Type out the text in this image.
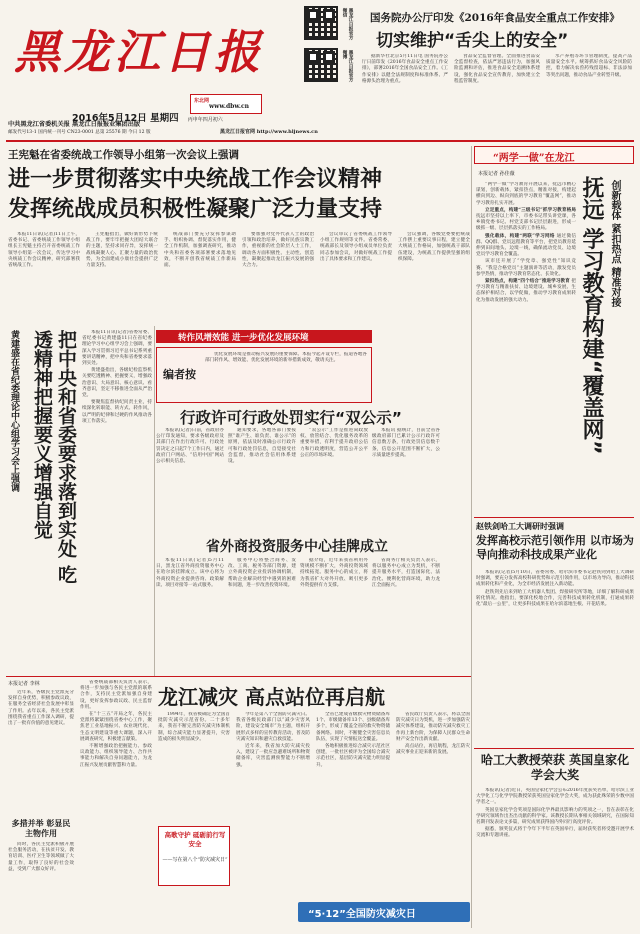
2016年5月12日 星期四 丙申年四月初六
黑龙江日报
中共黑龙江省委机关报 黑龙江日报报业集团出版
邮发代号13-1 国内统一刊号 CN23-0001 总第 25576 期 今日 12 版
东北网
www.dbw.cn
黑龙江日报官网 http://www.hljnews.cn
黑龙江日报官方微信
黑龙江日报官方微博
国务院办公厅印发《2016年食品安全重点工作安排》
切实维护“舌尖上的安全”

据新华社北京5月11日电 国务院办公厅日前印发《2016年食品安全重点工作安排》，部署2016年全国食品安全工作。《工作安排》以健全法规制度和标准体系、严格源头治理为重点。

食品安全监督管理。全面推进食品安全监督检查，依法严惩违法行为，加强风险监测和评估，推进食品安全追溯体系建设，强化食品安全宣传教育，加快建立全程监管制度。

水产养殖等环节管理制度，提高产品质量安全水平。统筹抓好食品安全风险防控，着力解决农兽药残留超标、非法添加等突出问题，推动食品产业转型升级。

王宪魁在省委统战工作领导小组第一次会议上强调
进一步贯彻落实中央统战工作会议精神
发挥统战成员积极性凝聚广泛力量支持

本报11日讯(记者)11日上午，省委书记、省委统战工作领导小组组长王宪魁主持召开省委统战工作领导小组第一次会议，传达学习中央统战工作会议精神，研究部署我省统战工作。

王宪魁指出，做好新形势下统战工作，要牢牢把握大团结大联合的主题，坚持求同存异，发挥统一战线凝聚人心、汇聚力量的政治优势，为全面建成小康社会提供广泛力量支持。

统战部门要充分发挥参谋助手、组织协调、督促落实作用，健全工作机制，加强调查研究，推动中央和省委各项部署要求落地见效，不断开创我省统战工作新局面。

要加强对党外代表人士的政治引领和政治培养，做好民族宗教工作，重视新的社会阶层人士工作，调动各方面积极性、主动性、创造性，凝聚起推动龙江振兴发展的强大合力。

会议审议了省委统战工作领导小组工作规则等文件。省委常委、统战部长及领导小组成员单位负责同志参加会议，对做好统战工作提出了具体要求和工作建议。

会议强调，各级党委要把统战工作摆上重要议事日程，建立健全大统战工作格局，加强统战干部队伍建设，为统战工作提供坚强的组织保障。

黄建盛在省纪委理论中心组学习会上强调	把中央和省委要求落到实处 吃透精神把握要义增强自觉	本报11日讯(记者)省委常委、省纪委书记黄建盛11日在省纪委理论学习中心组学习会上强调，要深入学习贯彻习近平总书记系列重要讲话精神，把中央和省委要求落到实处。

黄建盛指出，各级纪检监察机关要吃透精神、把握要义，增强政治意识、大局意识、核心意识、看齐意识，坚定不移推进全面从严治党。

要聚焦监督执纪问责主业，持续深化转职能、转方式、转作风，以严明的纪律和过硬的作风推动各项工作落实。

转作风增效能 进一步优化发展环境
编者按

优化发展环境是推动振兴发展的重要保障。本报今起开设专栏，报道各地各部门转作风、增效能、优化发展环境的新举措新成效，敬请关注。

行政许可行政处罚实行“双公示”

本报讯(记者)日前，省政府办公厅印发通知，要求各级政府及其部门在作出行政许可、行政处罚决定之日起7个工作日内，通过政府门户网站、“信用中国”网站公示相关信息。

通知要求，各地各部门要按照“谁产生、谁负责、谁公示”的原则，依法及时准确公示行政许可和行政处罚信息，自觉接受社会监督，推动社会信用体系建设。

“双公示”工作是推进简政放权、放管结合、优化服务改革的重要举措，有利于提升政府公信力和行政透明度，营造公开公平公正的市场环境。

本报讯 据统计，目前全省各级政府部门已累计公示行政许可信息数万条，行政处罚信息数千条，信息公开范围不断扩大，公示质量逐步提高。

省外商投资服务中心挂牌成立

本报11日讯(记者)5月11日，黑龙江省外商投资服务中心在哈尔滨挂牌成立。该中心将为外商投资企业提供咨询、政策解读、项目对接等一站式服务。

服务中心将整合商务、发改、工商、税务等部门资源，建立外商投资企业投诉协调机制，帮助企业解决经营中遇到的困难和问题，进一步改善投资环境。

据介绍，近年来我省利用外资规模不断扩大，外商投资领域持续拓宽。服务中心的成立，将为我省扩大对外开放、吸引更多外资提供有力支撑。

省商务厅相关负责人表示，将以服务中心成立为契机，不断提升服务水平，打造国际化、法治化、便利化营商环境，助力龙江全面振兴。

“两学一做”在龙江
本报记者 孙佳薇
创新载体 紧扣热点 精准对接
抚远 学习教育构建“覆盖网”

“两学一做”学习教育开展以来，抚远市精心谋划，创新载体，紧扣热点，精准对接，构建起横向到边、纵向到底的学习教育“覆盖网”，推动学习教育扎实开展。

立足重点，构建“三级书记”抓学习教育格局 抚远市坚持以上率下，市委书记带头讲党课，各乡镇党委书记、村党支部书记层层跟进，形成一级抓一级、层层抓落实的工作格局。

强化载体，构建“两联”学习网络 通过微信群、QQ群、党员远程教育等平台，把党员教育延伸到田间地头、边境一线，确保流动党员、边境党员学习教育全覆盖。

该市还开展了“学党章、强党性”知识竞赛、“我是合格党员”主题演讲等活动，激发党员参学热情，推动学习教育常态化、长效化。

紧扣热点，构建“四个结合”推进学习教育 把学习教育与精准扶贫、边境建设、城乡发展、生态保护相结合，以学促做，推动学习教育成果转化为推动发展的强大动力。

赵铁剑哈工大调研时强调
发挥高校示范引领作用 以市场为导向推动科技成果产业化

本报讯(记者)5月10日，省委常委、哈尔滨市委书记赵铁剑到哈工大调研时强调，要充分发挥高校科研优势和示范引领作用，以市场为导向，推动科技成果转化和产业化，为全市经济发展注入新动能。

赵铁剑先后来到哈工大机器人集团、焊接研究所等地，详细了解科研成果转化情况。他指出，要深化校地合作，完善科技成果转化机制，打通成果转化“最后一公里”，让更多科技成果在哈尔滨落地生根、开花结果。

哈工大教授荣获 英国皇家化学会大奖

本报讯(记者)近日，英国皇家化学会公布2016年度获奖名单，哈尔滨工业大学化工与化学学院教授荣获英国皇家化学会大奖，成为获此殊荣的少数中国学者之一。

英国皇家化学会奖项是国际化学界最具影响力的奖项之一，旨在表彰在化学研究领域作出杰出贡献的科学家。该教授长期从事相关领域研究，在国际知名期刊发表论文多篇，研究成果获得国内外同行高度评价。

据悉，颁奖仪式将于今年下半年在英国举行，届时获奖者将受邀开展学术交流和专题讲座。

本报记者 李林

近年来，各级民主党派充分发挥自身优势，积极参政议政，在服务全省经济社会发展中彰显了作用。去年以来，各民主党派围绕我省重点工作深入调研，提出了一批有价值的意见建议。

多措并举 彰显民主物作用

同时，各民主党派积极开展社会服务活动，在扶贫开发、教育培训、医疗卫生等领域做了大量工作，取得了良好的社会效益，受到广大群众好评。

省委统战部相关负责人表示，将进一步加强与各民主党派的联系合作，支持民主党派加强自身建设，更好发挥参政议政、民主监督作用。

在“十三五”开局之年，各民主党派将紧紧围绕省委中心工作，聚焦老工业基地振兴、农业现代化、生态文明建设等重大课题，深入开展调查研究，积极建言献策。

不断增强政治把握能力、参政议政能力、组织领导能力、合作共事能力和解决自身问题能力，为龙江振兴发展贡献智慧和力量。

龙江减灾 高点站位再启航

1994年，我省被确定为全国首批防灾减灾示范省份。二十多年来，我省不断完善防灾减灾体制机制，综合减灾能力显著提升，灾害造成的损失明显减少。

高歌守护 砥砺前行写安全
——写在第八个“防灾减灾日”

今年是第八个全国防灾减灾日。我省各级民政部门以“减少灾害风险，建设安全城市”为主题，组织开展形式多样的宣传教育活动，普及防灾减灾知识和避灾自救技能。

近年来，我省加大防灾减灾投入，建设了一批应急避难场所和物资储备库，灾害监测预警能力不断增强。

全省已建成省级救灾物资储备库1个、市级储备库13个、县级储备库多个，形成了覆盖全省的救灾物资储备网络。同时，不断健全灾害信息员队伍，实现了灾情报送全覆盖。

各地积极推进综合减灾示范社区创建，一批社区被评为全国综合减灾示范社区，基层防灾减灾能力明显提升。

省民政厅负责人表示，将以全国防灾减灾日为契机，进一步加强防灾减灾体系建设，推动防灾减灾救灾工作再上新台阶，为保障人民群众生命财产安全作出新贡献。

高点站位，再启航程，龙江防灾减灾事业正迎来新的发展。

“5·12”全国防灾减灾日
